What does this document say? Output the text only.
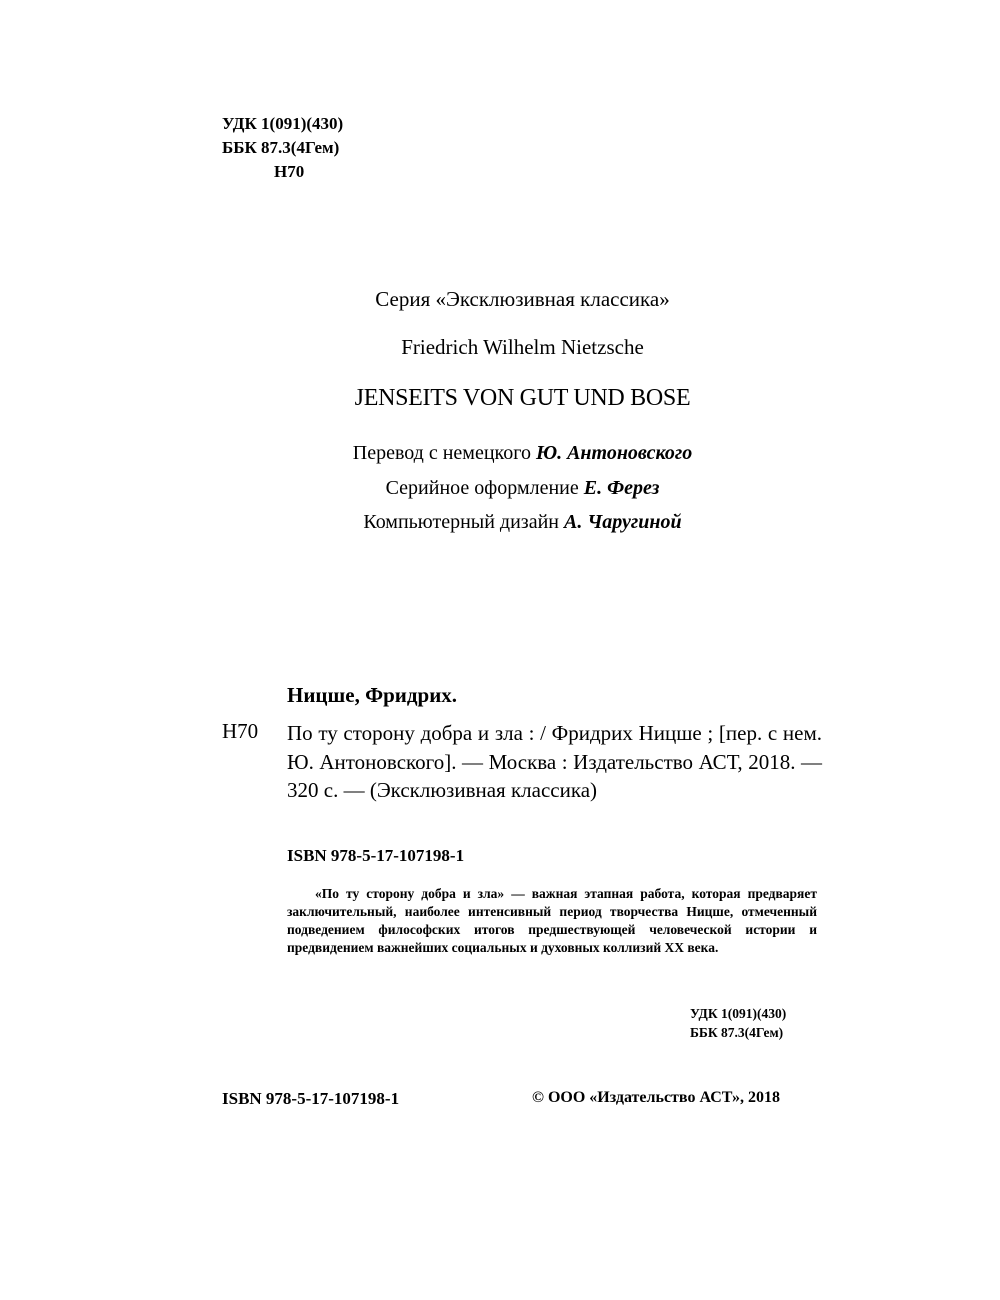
УДК 1(091)(430)
ББК 87.3(4Гем)
Н70
Серия «Эксклюзивная классика»
Friedrich Wilhelm Nietzsche
JENSEITS VON GUT UND BOSE
Перевод с немецкого Ю. Антоновского
Серийное оформление Е. Ферез
Компьютерный дизайн А. Чаругиной
Ницше, Фридрих.
Н70 По ту сторону добра и зла : / Фридрих Ницше ; [пер. с нем. Ю. Антоновского]. — Москва : Издательство АСТ, 2018. — 320 с. — (Эксклюзивная классика)
ISBN 978-5-17-107198-1
«По ту сторону добра и зла» — важная этапная работа, которая предваряет заключительный, наиболее интенсивный период творчества Ницше, отмеченный подведением философских итогов предшествующей человеческой истории и предвидением важнейших социальных и духовных коллизий XX века.
УДК 1(091)(430)
ББК 87.3(4Гем)
ISBN 978-5-17-107198-1	© ООО «Издательство АСТ», 2018
